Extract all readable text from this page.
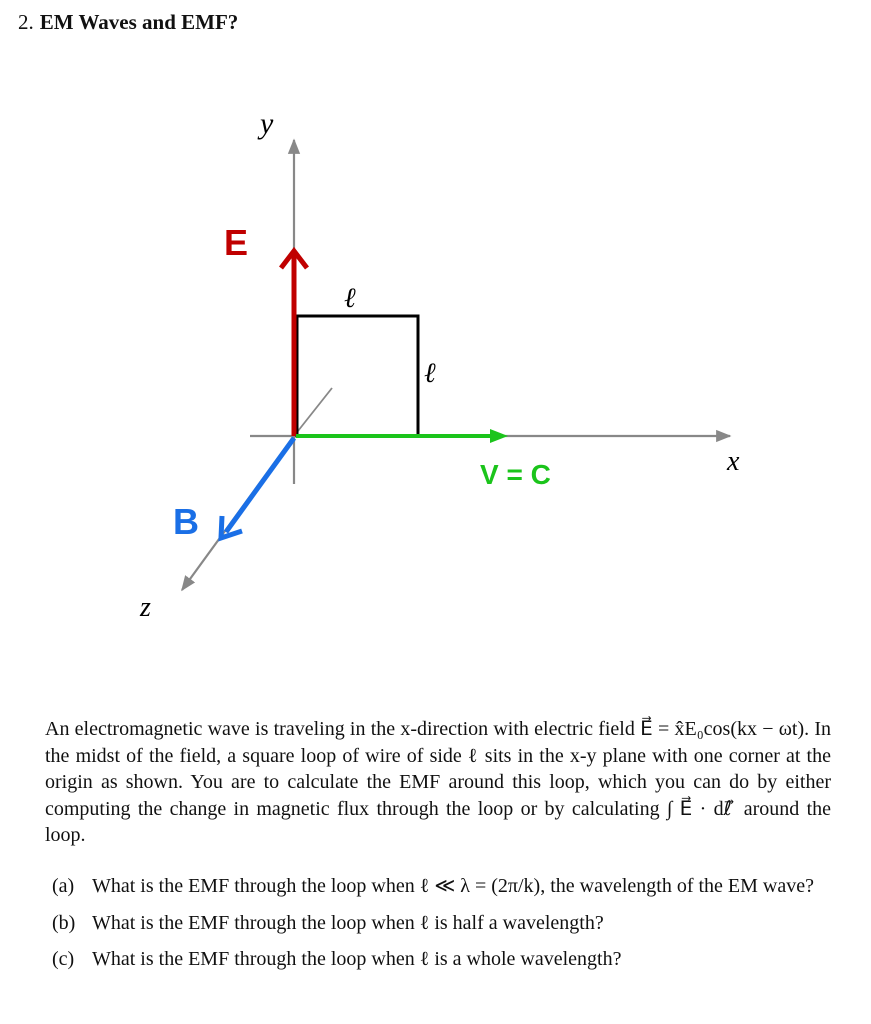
2. EM Waves and EMF?
y
x
z
E
B
V = C
ℓ
ℓ
An electromagnetic wave is traveling in the x-direction with electric field E⃗ = x̂E₀cos(kx − ωt). In the midst of the field, a square loop of wire of side ℓ sits in the x-y plane with one corner at the origin as shown. You are to calculate the EMF around this loop, which you can do by either computing the change in magnetic flux through the loop or by calculating ∫ E⃗ · dℓ⃗ around the loop.
(a) What is the EMF through the loop when ℓ ≪ λ = (2π/k), the wavelength of the EM wave?
(b) What is the EMF through the loop when ℓ is half a wavelength?
(c) What is the EMF through the loop when ℓ is a whole wavelength?
